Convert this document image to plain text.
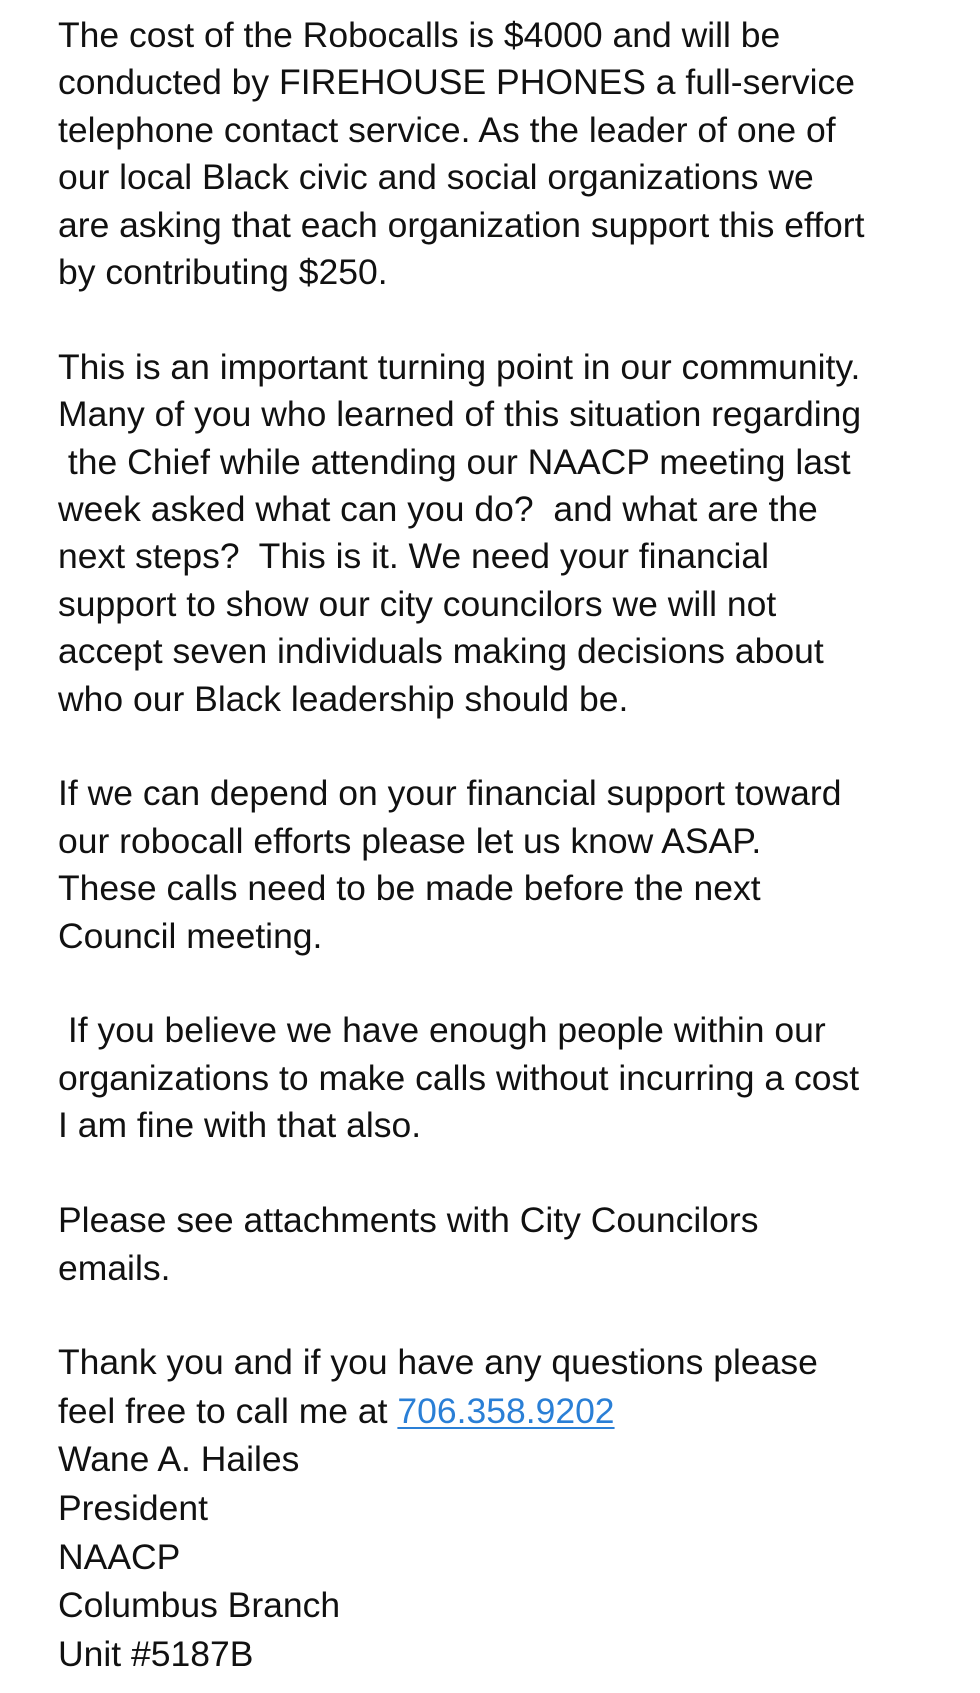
The cost of the Robocalls is $4000 and will be
conducted by FIREHOUSE PHONES a full-service
telephone contact service. As the leader of one of
our local Black civic and social organizations we
are asking that each organization support this effort
by contributing $250.

This is an important turning point in our community.
Many of you who learned of this situation regarding
the Chief while attending our NAACP meeting last
week asked what can you do?  and what are the
next steps?  This is it. We need your financial
support to show our city councilors we will not
accept seven individuals making decisions about
who our Black leadership should be.

If we can depend on your financial support toward
our robocall efforts please let us know ASAP.
These calls need to be made before the next
Council meeting.

If you believe we have enough people within our
organizations to make calls without incurring a cost
I am fine with that also.

Please see attachments with City Councilors
emails.

Thank you and if you have any questions please
feel free to call me at 706.358.9202
Wane A. Hailes
President
NAACP
Columbus Branch
Unit #5187B
